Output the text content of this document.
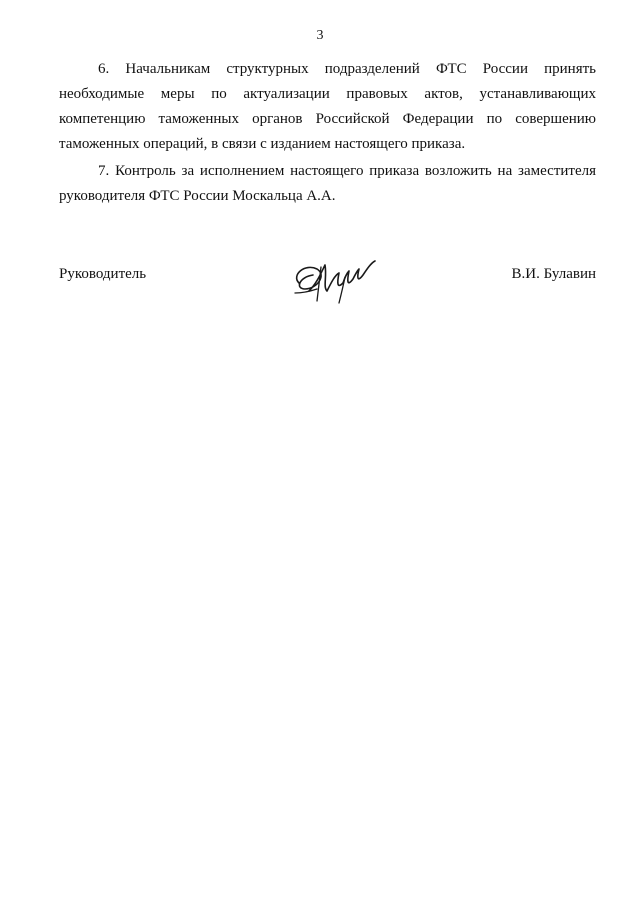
3

6. Начальникам структурных подразделений ФТС России принять необходимые меры по актуализации правовых актов, устанавливающих компетенцию таможенных органов Российской Федерации по совершению таможенных операций, в связи с изданием настоящего приказа.

7. Контроль за исполнением настоящего приказа возложить на заместителя руководителя ФТС России Москальца А.А.

Руководитель	В.И. Булавин
